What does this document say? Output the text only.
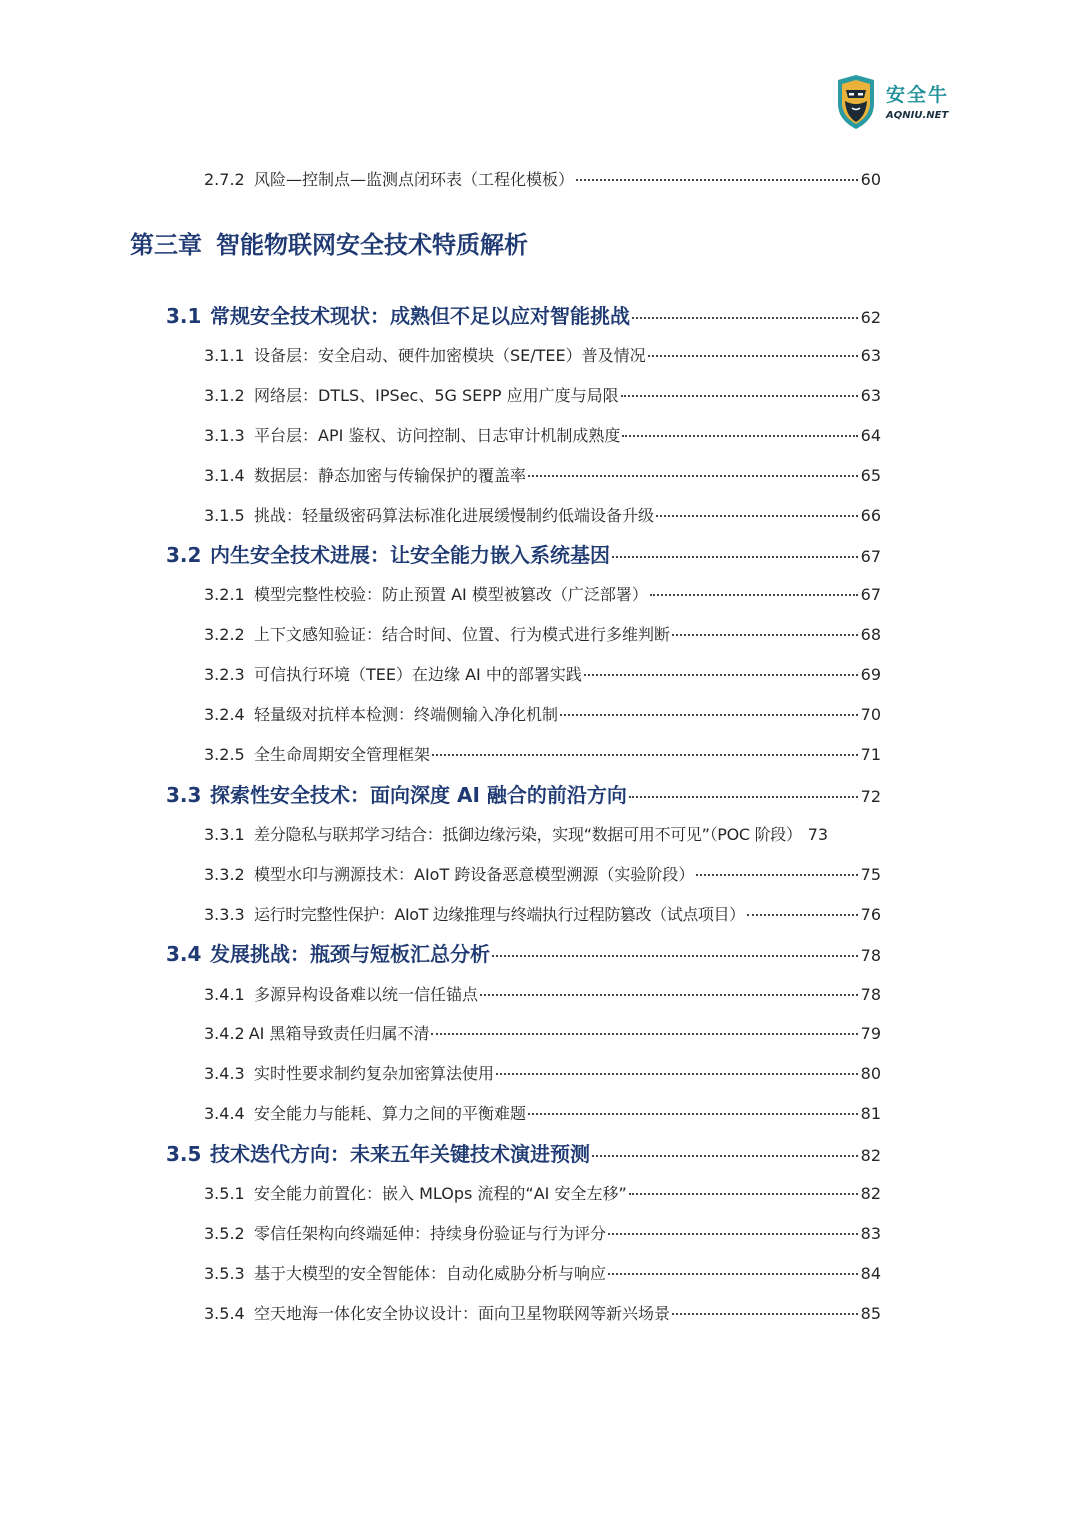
安全牛
AQNIU.NET
2.7.2 风险—控制点—监测点闭环表（工程化模板）	60
第三章 智能物联网安全技术特质解析
3.1 常规安全技术现状：成熟但不足以应对智能挑战	62
3.1.1 设备层：安全启动、硬件加密模块（SE/TEE）普及情况	63
3.1.2 网络层：DTLS、IPSec、5G SEPP 应用广度与局限	63
3.1.3 平台层：API 鉴权、访问控制、日志审计机制成熟度	64
3.1.4 数据层：静态加密与传输保护的覆盖率	65
3.1.5 挑战：轻量级密码算法标准化进展缓慢制约低端设备升级	66
3.2 内生安全技术进展：让安全能力嵌入系统基因	67
3.2.1 模型完整性校验：防止预置 AI 模型被篡改（广泛部署）	67
3.2.2 上下文感知验证：结合时间、位置、行为模式进行多维判断	68
3.2.3 可信执行环境（TEE）在边缘 AI 中的部署实践	69
3.2.4 轻量级对抗样本检测：终端侧输入净化机制	70
3.2.5 全生命周期安全管理框架	71
3.3 探索性安全技术：面向深度 AI 融合的前沿方向	72
3.3.1 差分隐私与联邦学习结合：抵御边缘污染，实现“数据可用不可见”（POC 阶段） 73
3.3.2 模型水印与溯源技术：AIoT 跨设备恶意模型溯源（实验阶段）	75
3.3.3 运行时完整性保护：AIoT 边缘推理与终端执行过程防篡改（试点项目）	76
3.4 发展挑战：瓶颈与短板汇总分析	78
3.4.1 多源异构设备难以统一信任锚点	78
3.4.2 AI 黑箱导致责任归属不清	79
3.4.3 实时性要求制约复杂加密算法使用	80
3.4.4 安全能力与能耗、算力之间的平衡难题	81
3.5 技术迭代方向：未来五年关键技术演进预测	82
3.5.1 安全能力前置化：嵌入 MLOps 流程的“AI 安全左移”	82
3.5.2 零信任架构向终端延伸：持续身份验证与行为评分	83
3.5.3 基于大模型的安全智能体：自动化威胁分析与响应	84
3.5.4 空天地海一体化安全协议设计：面向卫星物联网等新兴场景	85
